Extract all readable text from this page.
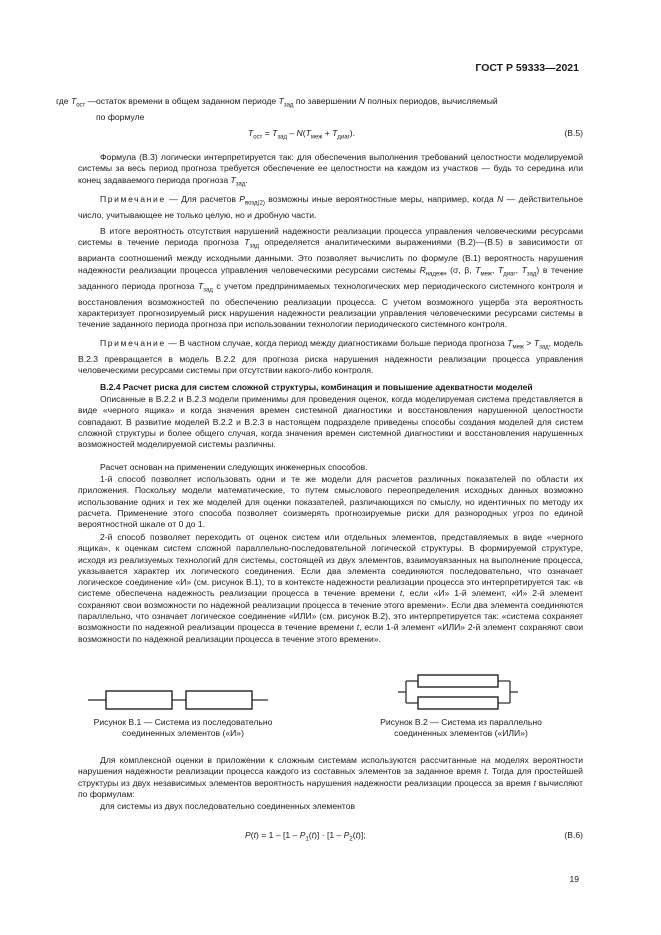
ГОСТ Р 59333—2021
где $T_{ост}$ — остаток времени в общем заданном периоде $T_{зад}$ по завершении N полных периодов, вычисляемый
по формуле
$T_{ост} = T_{зад} - N(T_{меж} + T_{диаг})$.	(B.5)
Формула (В.3) логически интерпретируется так: для обеспечения выполнения требований целостности моделируемой системы за весь период прогноза требуется обеспечение ее целостности на каждом из участков — будь то середина или конец задаваемого периода прогноза $T_{зад}$.
Примечание — Для расчетов $P_{возд(2)}$ возможны иные вероятностные меры, например, когда N — действительное число, учитывающее не только целую, но и дробную части.
В итоге вероятность отсутствия нарушений надежности реализации процесса управления человеческими ресурсами системы в течение периода прогноза $T_{зад}$ определяется аналитическими выражениями (В.2)—(В.5) в зависимости от варианта соотношений между исходными данными. Это позволяет вычислить по формуле (В.1) вероятность нарушения надежности реализации процесса управления человеческими ресурсами системы $R_{надежн}$ (σ, β, $T_{меж}$, $T_{диаг}$, $T_{зад}$) в течение заданного периода прогноза $T_{зад}$ с учетом предпринимаемых технологических мер периодического системного контроля и восстановления возможностей по обеспечению реализации процесса. С учетом возможного ущерба эта вероятность характеризует прогнозируемый риск нарушения надежности реализации управления человеческими ресурсами системы в течение заданного периода прогноза при использовании технологии периодического системного контроля.
Примечание — В частном случае, когда период между диагностиками больше периода прогноза $T_{меж} > T_{зад}$, модель В.2.3 превращается в модель В.2.2 для прогноза риска нарушения надежности реализации процесса управления человеческими ресурсами системы при отсутствии какого-либо контроля.
В.2.4 Расчет риска для систем сложной структуры, комбинация и повышение адекватности моделей
Описанные в В.2.2 и В.2.3 модели применимы для проведения оценок, когда моделируемая система представляется в виде «черного ящика» и когда значения времен системной диагностики и восстановления нарушенной целостности совпадают. В развитие моделей В.2.2 и В.2.3 в настоящем подразделе приведены способы создания моделей для систем сложной структуры и более общего случая, когда значения времен системной диагностики и восстановления нарушенных возможностей моделируемой системы различны.
Расчет основан на применении следующих инженерных способов.
1-й способ позволяет использовать одни и те же модели для расчетов различных показателей по области их приложения. Поскольку модели математические, то путем смыслового переопределения исходных данных возможно использование одних и тех же моделей для оценки показателей, различающихся по смыслу, но идентичных по методу их расчета. Применение этого способа позволяет соизмерять прогнозируемые риски для разнородных угроз по единой вероятностной шкале от 0 до 1.
2-й способ позволяет переходить от оценок систем или отдельных элементов, представляемых в виде «черного ящика», к оценкам систем сложной параллельно-последовательной логической структуры. В формируемой структуре, исходя из реализуемых технологий для системы, состоящей из двух элементов, взаимоувязанных на выполнение процесса, указывается характер их логического соединения. Если два элемента соединяются последовательно, что означает логическое соединение «И» (см. рисунок В.1), то в контексте надежности реализации процесса это интерпретируется так: «в системе обеспечена надежность реализации процесса в течение времени t, если «И» 1-й элемент, «И» 2-й элемент сохраняют свои возможности по надежной реализации процесса в течение этого времени». Если два элемента соединяются параллельно, что означает логическое соединение «ИЛИ» (см. рисунок В.2), это интерпретируется так: «система сохраняет возможности по надежной реализации процесса в течение времени t, если 1-й элемент «ИЛИ» 2-й элемент сохраняют свои возможности по надежной реализации процесса в течение этого времени».
Рисунок В.1 — Система из последовательно
соединенных элементов («И»)
Рисунок В.2 — Система из параллельно
соединенных элементов («ИЛИ»)
Для комплексной оценки в приложении к сложным системам используются рассчитанные на моделях вероятности нарушения надежности реализации процесса каждого из составных элементов за заданное время t. Тогда для простейшей структуры из двух независимых элементов вероятность нарушения надежности реализации процесса за время t вычисляют по формулам:
для системы из двух последовательно соединенных элементов
$P(t) = 1 - [1 - P_1(t)] \cdot [1 - P_2(t)]$;	(B.6)
19
